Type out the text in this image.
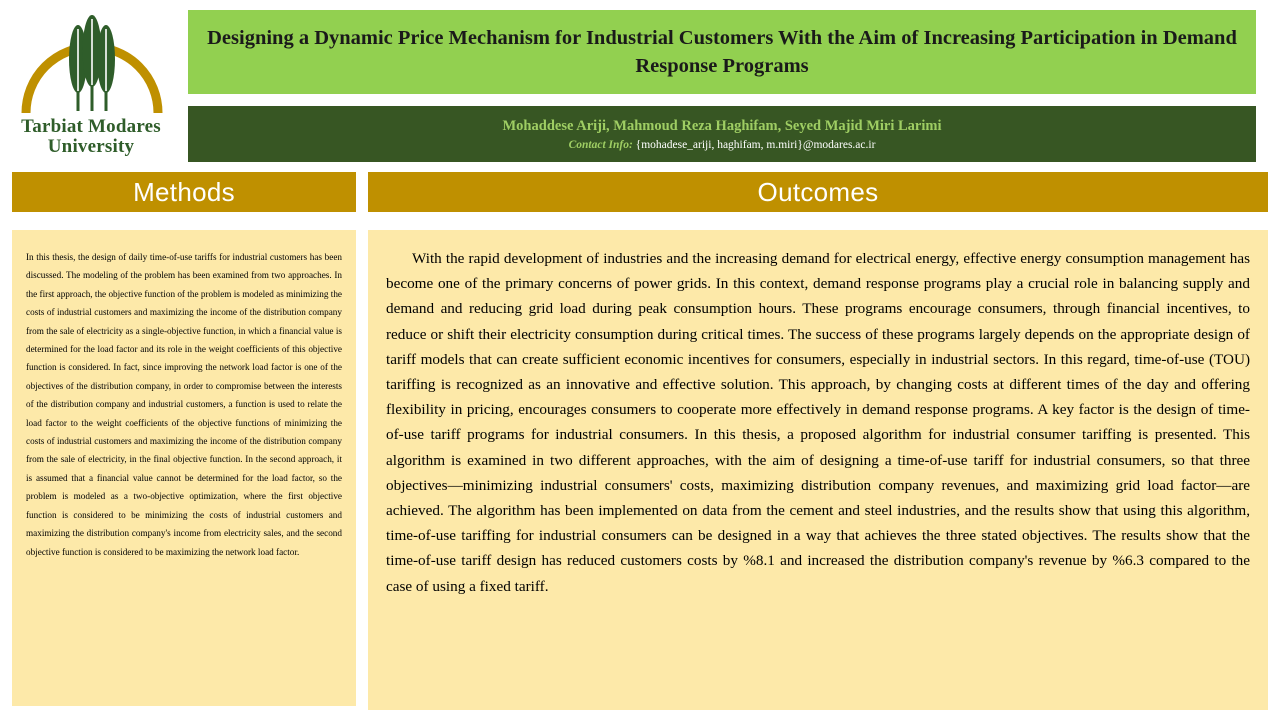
Tarbiat Modares
University
Designing a Dynamic Price Mechanism for Industrial Customers With the Aim of Increasing Participation in Demand Response Programs
Mohaddese Ariji, Mahmoud Reza Haghifam, Seyed Majid Miri Larimi
Contact Info: {mohadese_ariji, haghifam, m.miri}@modares.ac.ir
Methods

In this thesis, the design of daily time-of-use tariffs for industrial customers has been discussed. The modeling of the problem has been examined from two approaches. In the first approach, the objective function of the problem is modeled as minimizing the costs of industrial customers and maximizing the income of the distribution company from the sale of electricity as a single-objective function, in which a financial value is determined for the load factor and its role in the weight coefficients of this objective function is considered. In fact, since improving the network load factor is one of the objectives of the distribution company, in order to compromise between the interests of the distribution company and industrial customers, a function is used to relate the load factor to the weight coefficients of the objective functions of minimizing the costs of industrial customers and maximizing the income of the distribution company from the sale of electricity, in the final objective function. In the second approach, it is assumed that a financial value cannot be determined for the load factor, so the problem is modeled as a two-objective optimization, where the first objective function is considered to be minimizing the costs of industrial customers and maximizing the distribution company's income from electricity sales, and the second objective function is considered to be maximizing the network load factor.

Outcomes

With the rapid development of industries and the increasing demand for electrical energy, effective energy consumption management has become one of the primary concerns of power grids. In this context, demand response programs play a crucial role in balancing supply and demand and reducing grid load during peak consumption hours. These programs encourage consumers, through financial incentives, to reduce or shift their electricity consumption during critical times. The success of these programs largely depends on the appropriate design of tariff models that can create sufficient economic incentives for consumers, especially in industrial sectors. In this regard, time-of-use (TOU) tariffing is recognized as an innovative and effective solution. This approach, by changing costs at different times of the day and offering flexibility in pricing, encourages consumers to cooperate more effectively in demand response programs. A key factor is the design of time-of-use tariff programs for industrial consumers. In this thesis, a proposed algorithm for industrial consumer tariffing is presented. This algorithm is examined in two different approaches, with the aim of designing a time-of-use tariff for industrial consumers, so that three objectives—minimizing industrial consumers' costs, maximizing distribution company revenues, and maximizing grid load factor—are achieved. The algorithm has been implemented on data from the cement and steel industries, and the results show that using this algorithm, time-of-use tariffing for industrial consumers can be designed in a way that achieves the three stated objectives. The results show that the time-of-use tariff design has reduced customers costs by %8.1 and increased the distribution company's revenue by %6.3 compared to the case of using a fixed tariff.
